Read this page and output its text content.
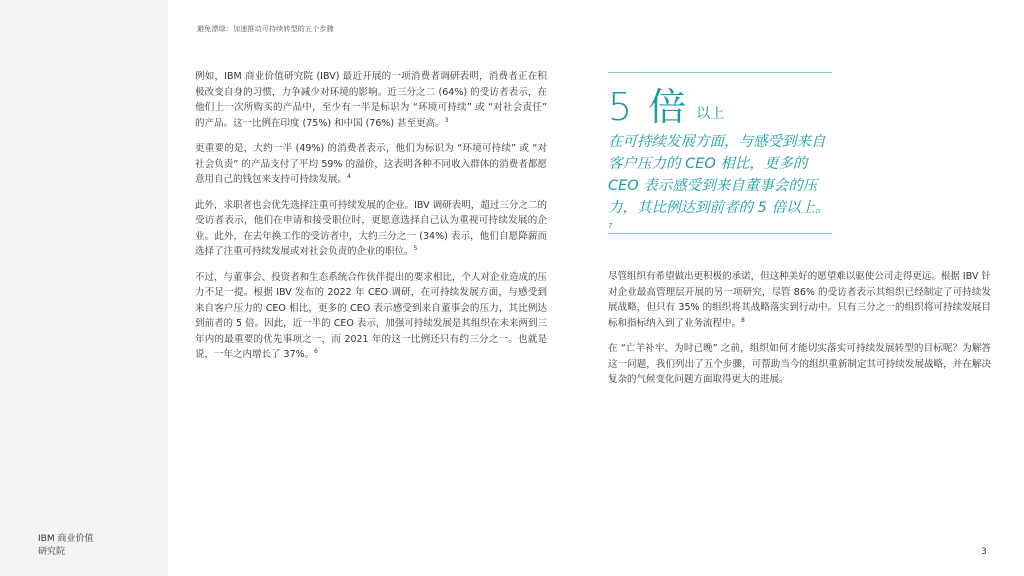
IBM 商业价值
研究院
避免漂绿：加速推动可持续转型的五个步骤

例如，IBM 商业价值研究院 (IBV) 最近开展的一项消费者调研表明，消费者正在积极改变自身的习惯，力争减少对环境的影响。近三分之二 (64%) 的受访者表示，在他们上一次所购买的产品中，至少有一半是标识为 “环境可持续” 或 “对社会责任” 的产品。这一比例在印度 (75%) 和中国 (76%) 甚至更高。$^3$

更重要的是，大约一半 (49%) 的消费者表示，他们为标识为 “环境可持续” 或 “对社会负责” 的产品支付了平均 59% 的溢价，这表明各种不同收入群体的消费者都愿意用自己的钱包来支持可持续发展。$^4$

此外，求职者也会优先选择注重可持续发展的企业。IBV 调研表明，超过三分之二的受访者表示，他们在申请和接受职位时，更愿意选择自己认为重视可持续发展的企业。此外，在去年换工作的受访者中，大约三分之一 (34%) 表示，他们自愿降薪而选择了注重可持续发展或对社会负责的企业的职位。$^5$

不过，与董事会、投资者和生态系统合作伙伴提出的要求相比，个人对企业造成的压力不足一提。根据 IBV 发布的 2022 年 CEO 调研，在可持续发展方面，与感受到来自客户压力的 CEO 相比，更多的 CEO 表示感受到来自董事会的压力，其比例达到前者的 5 倍。因此，近一半的 CEO 表示，加强可持续发展是其组织在未来两到三年内的最重要的优先事项之一，而 2021 年的这一比例还只有约三分之一。也就是说，一年之内增长了 37%。$^6$

5 倍 以上
在可持续发展方面，与感受到来自客户压力的 CEO 相比，更多的 CEO 表示感受到来自董事会的压力，其比例达到前者的 5 倍以上。$^7$

尽管组织有希望做出更积极的承诺，但这种美好的愿望难以驱使公司走得更远。根据 IBV 针对企业最高管理层开展的另一项研究，尽管 86% 的受访者表示其组织已经制定了可持续发展战略，但只有 35% 的组织将其战略落实到行动中。只有三分之一的组织将可持续发展目标和指标纳入到了业务流程中。$^8$

在 “亡羊补牢、为时已晚” 之前，组织如何才能切实落实可持续发展转型的目标呢？为解答这一问题，我们列出了五个步骤，可帮助当今的组织重新制定其可持续发展战略，并在解决复杂的气候变化问题方面取得更大的进展。

3
